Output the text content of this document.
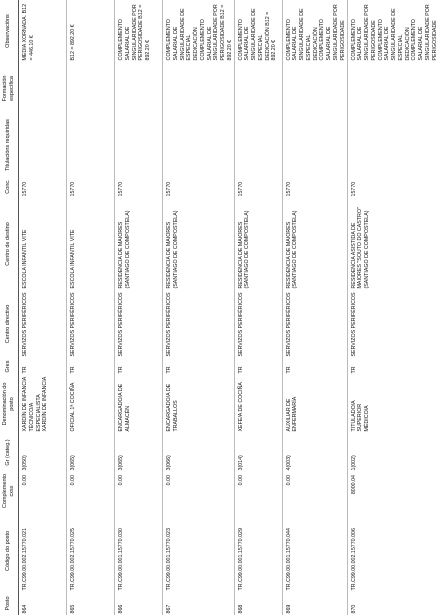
Posto	Código do posto	Complemento cxsx	Gr (categ.)	Denominación do posto	Gres	Centro directivo	Centro de destino	Conc.	Titulacións requiridas	Formación específica	Observacións
864	TR.C99.00.002.15770.021	0.00	3(050)	XARDÍN DE INFANCIA TÉCNICO/A ESPECIALISTA XARDÍN DE INFANCIA	TR	SERVIZOS PERIFÉRICOS	ESCOLA INFANTIL VITE	15770			MEDIA XORNADA. B12 = 446.10 €
865	TR.C99.00.002.15770.025	0.00	3(065)	OFICIAL 1ª COCIÑA	TR	SERVIZOS PERIFÉRICOS	ESCOLA INFANTIL VITE	15770			B12 = 892.20 €
866	TR.C99.00.001.15770.030	0.00	3(065)	ENCARGADO/A DE ALMACÉN	TR	SERVIZOS PERIFÉRICOS	RESIDENCIA DE MAIORES (SANTIAGO DE COMPOSTELA)	15770			COMPLEMENTO SALARIAL DE SINGULARIDADE POR PERIGOSIDADE B12 = 892.20 €
867	TR.C99.00.001.15770.023	0.00	3(066)	ENCARGADO/A DE TRABALLOS	TR	SERVIZOS PERIFÉRICOS	RESIDENCIA DE MAIORES (SANTIAGO DE COMPOSTELA)	15770			COMPLEMENTO SALARIAL DE SINGULARIDADE DE ESPECIAL DEDICACIÓN COMPLEMENTO SALARIAL DE SINGULARIDADE POR PERIGOSIDADE B12 = 892.20 €
868	TR.C99.00.001.15770.029	0.00	3(014)	XEFE/A DE COCIÑA	TR	SERVIZOS PERIFÉRICOS	RESIDENCIA DE MAIORES (SANTIAGO DE COMPOSTELA)	15770			COMPLEMENTO SALARIAL DE SINGULARIDADE DE ESPECIAL DEDICACIÓN B12 = 892.20 €
869	TR.C99.00.001.15770.044	0.00	4(003)	AUXILIAR DE ENFERMARÍA	TR	SERVIZOS PERIFÉRICOS	RESIDENCIA DE MAIORES (SANTIAGO DE COMPOSTELA)	15770			COMPLEMENTO SALARIAL DE SINGULARIDADE DE ESPECIAL DEDICACIÓN COMPLEMENTO SALARIAL DE SINGULARIDADE POR PERIGOSIDADE
870	TR.C99.00.002.15770.006	8000.04	1(002)	TITULADO/A SUPERIOR MÉDICO/A	TR	SERVIZOS PERIFÉRICOS	RESIDENCIA ASISTIDA DE MAIORES "SOUTO DO CASTRO" (SANTIAGO DE COMPOSTELA)	15770			COMPLEMENTO SALARIAL DE SINGULARIDADE POR PERIGOSIDADE COMPLEMENTO SALARIAL DE SINGULARIDADE DE ESPECIAL DEDICACIÓN COMPLEMENTO SALARIAL DE SINGULARIDADE POR PERIGOSIDADE
